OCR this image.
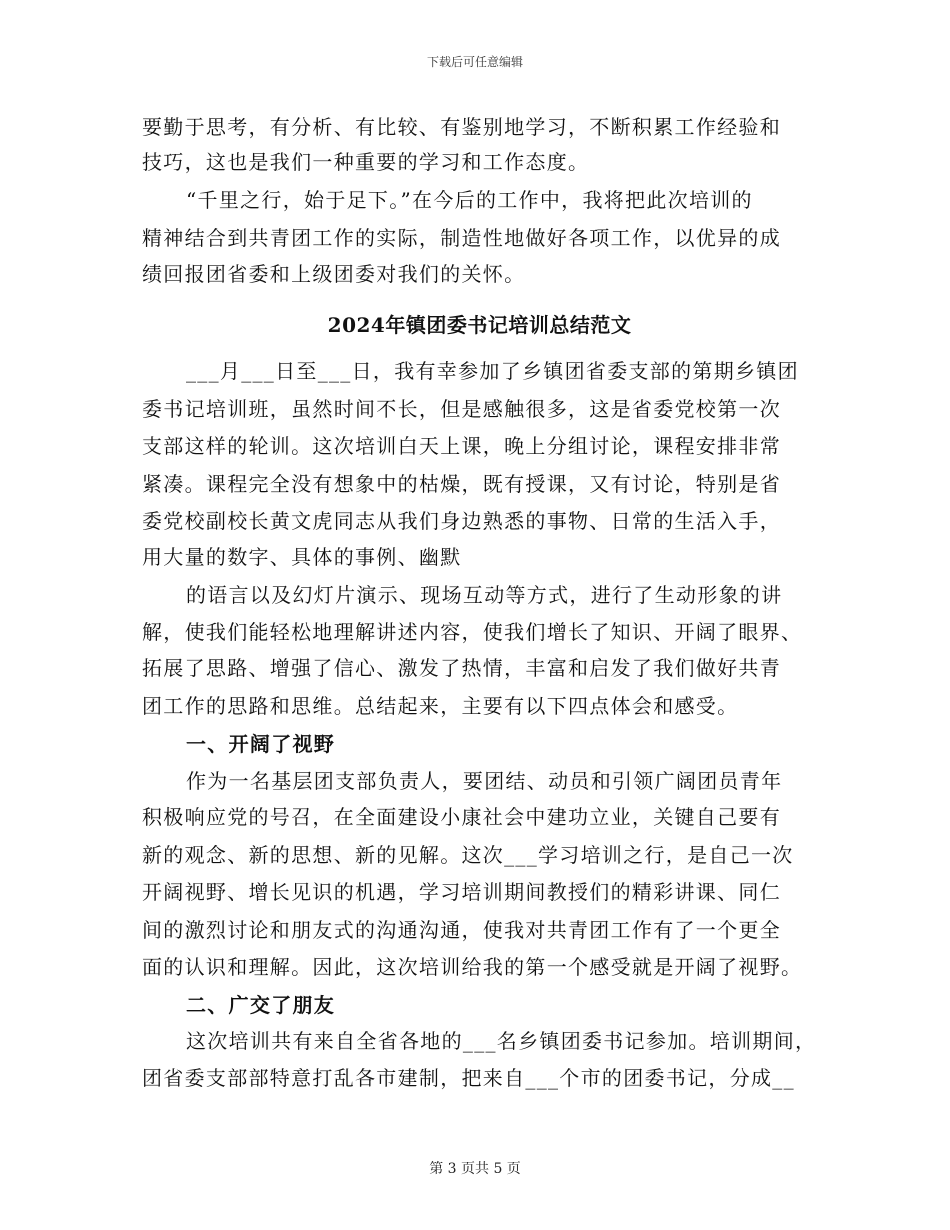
下载后可任意编辑
要勤于思考，有分析、有比较、有鉴别地学习，不断积累工作经验和
技巧，这也是我们一种重要的学习和工作态度。
“千里之行，始于足下。”在今后的工作中，我将把此次培训的
精神结合到共青团工作的实际，制造性地做好各项工作，以优异的成
绩回报团省委和上级团委对我们的关怀。
2024年镇团委书记培训总结范文
___月___日至___日，我有幸参加了乡镇团省委支部的第期乡镇团
委书记培训班，虽然时间不长，但是感触很多，这是省委党校第一次
支部这样的轮训。这次培训白天上课，晚上分组讨论，课程安排非常
紧凑。课程完全没有想象中的枯燥，既有授课，又有讨论，特别是省
委党校副校长黄文虎同志从我们身边熟悉的事物、日常的生活入手，
用大量的数字、具体的事例、幽默
的语言以及幻灯片演示、现场互动等方式，进行了生动形象的讲
解，使我们能轻松地理解讲述内容，使我们增长了知识、开阔了眼界、
拓展了思路、增强了信心、激发了热情，丰富和启发了我们做好共青
团工作的思路和思维。总结起来，主要有以下四点体会和感受。
一、开阔了视野
作为一名基层团支部负责人，要团结、动员和引领广阔团员青年
积极响应党的号召，在全面建设小康社会中建功立业，关键自己要有
新的观念、新的思想、新的见解。这次___学习培训之行，是自己一次
开阔视野、增长见识的机遇，学习培训期间教授们的精彩讲课、同仁
间的激烈讨论和朋友式的沟通沟通，使我对共青团工作有了一个更全
面的认识和理解。因此，这次培训给我的第一个感受就是开阔了视野。
二、广交了朋友
这次培训共有来自全省各地的___名乡镇团委书记参加。培训期间，
团省委支部部特意打乱各市建制，把来自___个市的团委书记，分成__
第 3 页共 5 页
